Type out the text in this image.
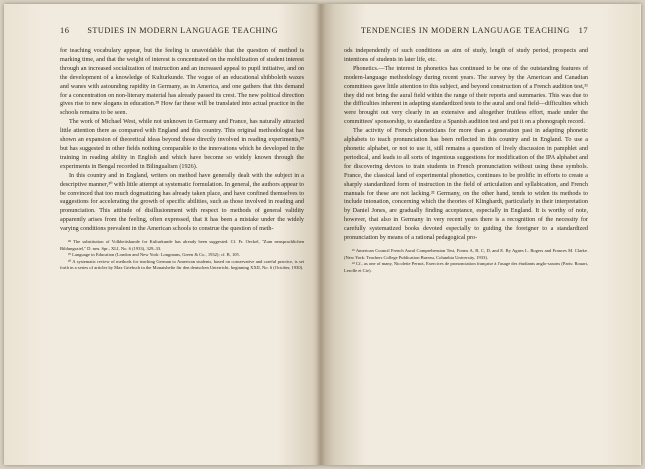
16 STUDIES IN MODERN LANGUAGE TEACHING

for teaching vocabulary appear, but the feeling is unavoidable that the question of method is marking time, and that the weight of interest is concentrated on the mobilization of student interest through an increased socialization of instruction and an increased appeal to pupil initiative, and on the development of a knowledge of Kulturkunde. The vogue of an educational shibboleth waxes and wanes with astounding rapidity in Germany, as in America, and one gathers that this demand for a concentration on non-literary material has already passed its crest. The new political direction gives rise to new slogans in education.²⁸ How far these will be translated into actual practice in the schools remains to be seen.

The work of Michael West, while not unknown in Germany and France, has naturally attracted little attention there as compared with England and this country. This original methodologist has shown an expansion of theoretical ideas beyond those directly involved in reading experiments,²⁹ but has suggested in other fields nothing comparable to the innovations which he developed in the training in reading ability in English and which have become so widely known through the experiments in Bengal recorded in Bilingualism (1926).

In this country and in England, writers on method have generally dealt with the subject in a descriptive manner,³⁰ with little attempt at systematic formulation. In general, the authors appear to be convinced that too much dogmatizing has already taken place, and have confined themselves to suggestions for accelerating the growth of specific abilities, such as those involved in reading and pronunciation. This attitude of disillusionment with respect to methods of general validity apparently arises from the feeling, often expressed, that it has been a mistake under the widely varying conditions prevalent in the American schools to construe the question of meth-

²⁸ The substitution of Volkheitskunde for Kulturkunde has already been suggested. Cf. Fr. Oeckel, "Zum neusprachlichen Bildungsziel," D. neu. Spr., XLI, No. 6 (1933), 329–33.

²⁹ Language in Education (London and New York: Longmans, Green & Co., 1932); cf. B, 105.

³⁰ A systematic review of methods for teaching German to American students, based on conservative and careful practice, is set forth in a series of articles by Max Griebsch in the Monatshefte für den deutschen Unterricht, beginning XXII, No. 6 (October, 1930).

TENDENCIES IN MODERN LANGUAGE TEACHING 17

ods independently of such conditions as aim of study, length of study period, prospects and intentions of students in later life, etc.

Phonetics.—The interest in phonetics has continued to be one of the outstanding features of modern-language methodology during recent years. The survey by the American and Canadian committees gave little attention to this subject, and beyond construction of a French audition test,³¹ they did not bring the aural field within the range of their reports and summaries. This was due to the difficulties inherent in adapting standardized tests to the aural and oral field—difficulties which were brought out very clearly in an extensive and altogether fruitless effort, made under the committees' sponsorship, to standardize a Spanish audition test and put it on a phonograph record.

The activity of French phoneticians for more than a generation past in adapting phonetic alphabets to teach pronunciation has been reflected in this country and in England. To use a phonetic alphabet, or not to use it, still remains a question of lively discussion in pamphlet and periodical, and leads to all sorts of ingenious suggestions for modification of the IPA alphabet and for discovering devices to train students in French pronunciation without using these symbols. France, the classical land of experimental phonetics, continues to be prolific in efforts to create a sharply standardized form of instruction in the field of articulation and syllabication, and French manuals for these are not lacking.³² Germany, on the other hand, tends to widen its methods to include intonation, concerning which the theories of Klinghardt, particularly in their interpretation by Daniel Jones, are gradually finding acceptance, especially in England. It is worthy of note, however, that also in Germany in very recent years there is a recognition of the necessity for carefully systematized books devoted especially to guiding the foreigner to a standardized pronunciation by means of a rational pedagogical pro-

³¹ American Council French Aural Comprehension Test, Forms A, B, C, D, and E. By Agnes L. Rogers and Frances M. Clarke. (New York: Teachers College Publication Bureau, Columbia University, 1933).

³² Cf., as one of many, Nicolette Pernot, Exercices de prononciation française à l'usage des étudiants anglo-saxons (Paris: Rouart, Lerolle et Cie).
